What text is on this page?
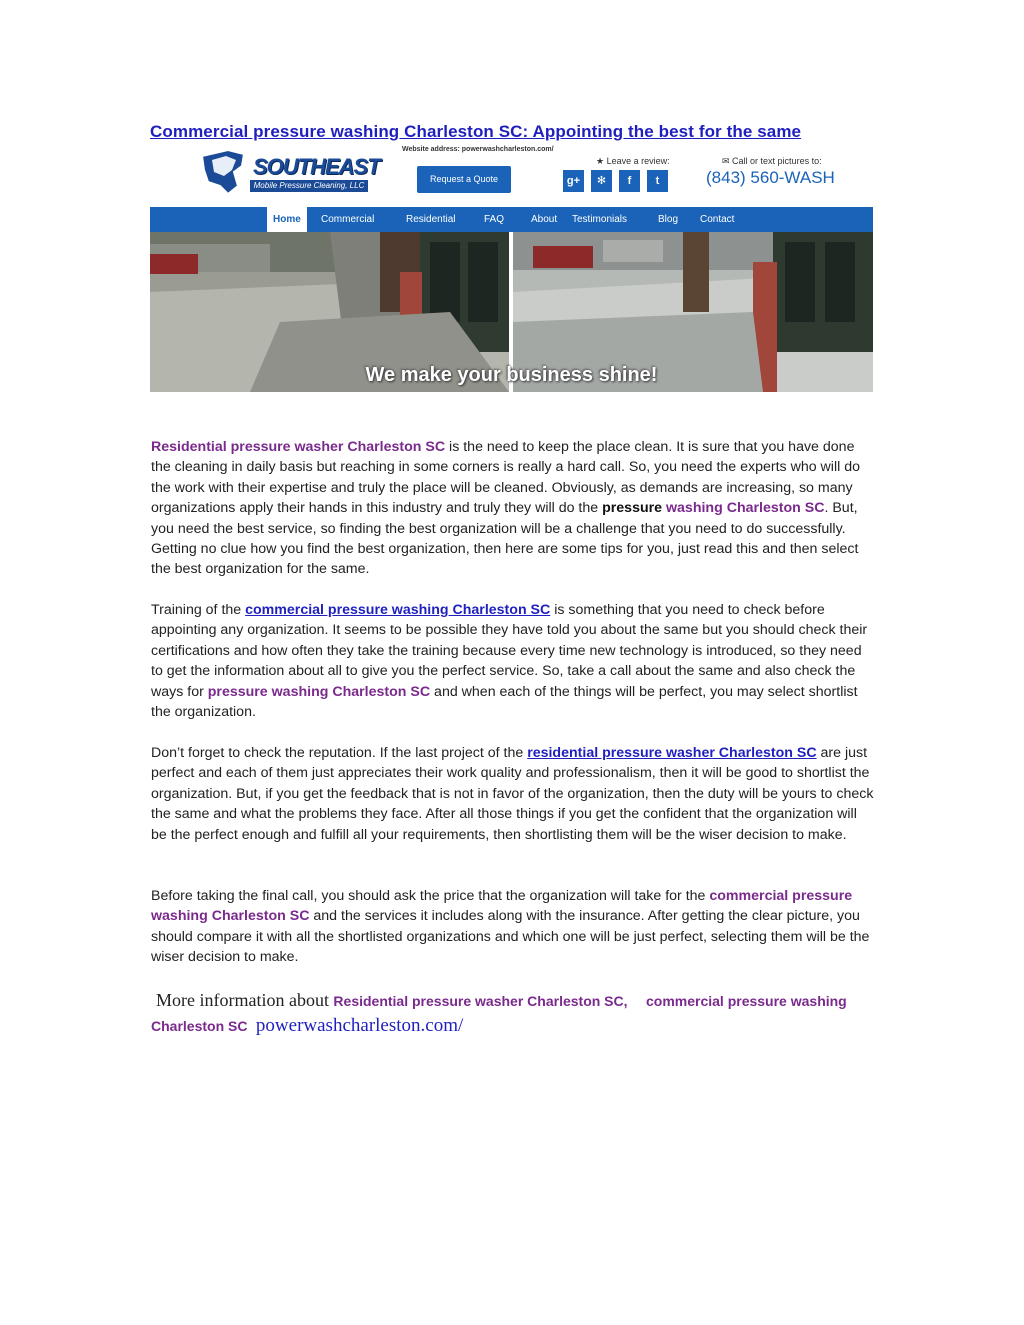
Commercial pressure washing Charleston SC: Appointing the best for the same
SOUTHEAST
Mobile Pressure Cleaning, LLC
Website address: powerwashcharleston.com/
Request a Quote
★ Leave a review:
g+	✻	f	t
✉ Call or text pictures to:
(843) 560-WASH
Home	Commercial	Residential	FAQ	About	Testimonials	Blog	Contact
We make your business shine!
Residential pressure washer Charleston SC is the need to keep the place clean. It is sure that you have done the cleaning in daily basis but reaching in some corners is really a hard call. So, you need the experts who will do the work with their expertise and truly the place will be cleaned. Obviously, as demands are increasing, so many organizations apply their hands in this industry and truly they will do the pressure washing Charleston SC. But, you need the best service, so finding the best organization will be a challenge that you need to do successfully. Getting no clue how you find the best organization, then here are some tips for you, just read this and then select the best organization for the same.
Training of the commercial pressure washing Charleston SC is something that you need to check before appointing any organization. It seems to be possible they have told you about the same but you should check their certifications and how often they take the training because every time new technology is introduced, so they need to get the information about all to give you the perfect service. So, take a call about the same and also check the ways for pressure washing Charleston SC and when each of the things will be perfect, you may select shortlist the organization.
Don’t forget to check the reputation. If the last project of the residential pressure washer Charleston SC are just perfect and each of them just appreciates their work quality and professionalism, then it will be good to shortlist the organization. But, if you get the feedback that is not in favor of the organization, then the duty will be yours to check the same and what the problems they face. After all those things if you get the confident that the organization will be the perfect enough and fulfill all your requirements, then shortlisting them will be the wiser decision to make.
Before taking the final call, you should ask the price that the organization will take for the commercial pressure washing Charleston SC and the services it includes along with the insurance. After getting the clear picture, you should compare it with all the shortlisted organizations and which one will be just perfect, selecting them will be the wiser decision to make.
More information about Residential pressure washer Charleston SC, commercial pressure washing Charleston SC powerwashcharleston.com/
